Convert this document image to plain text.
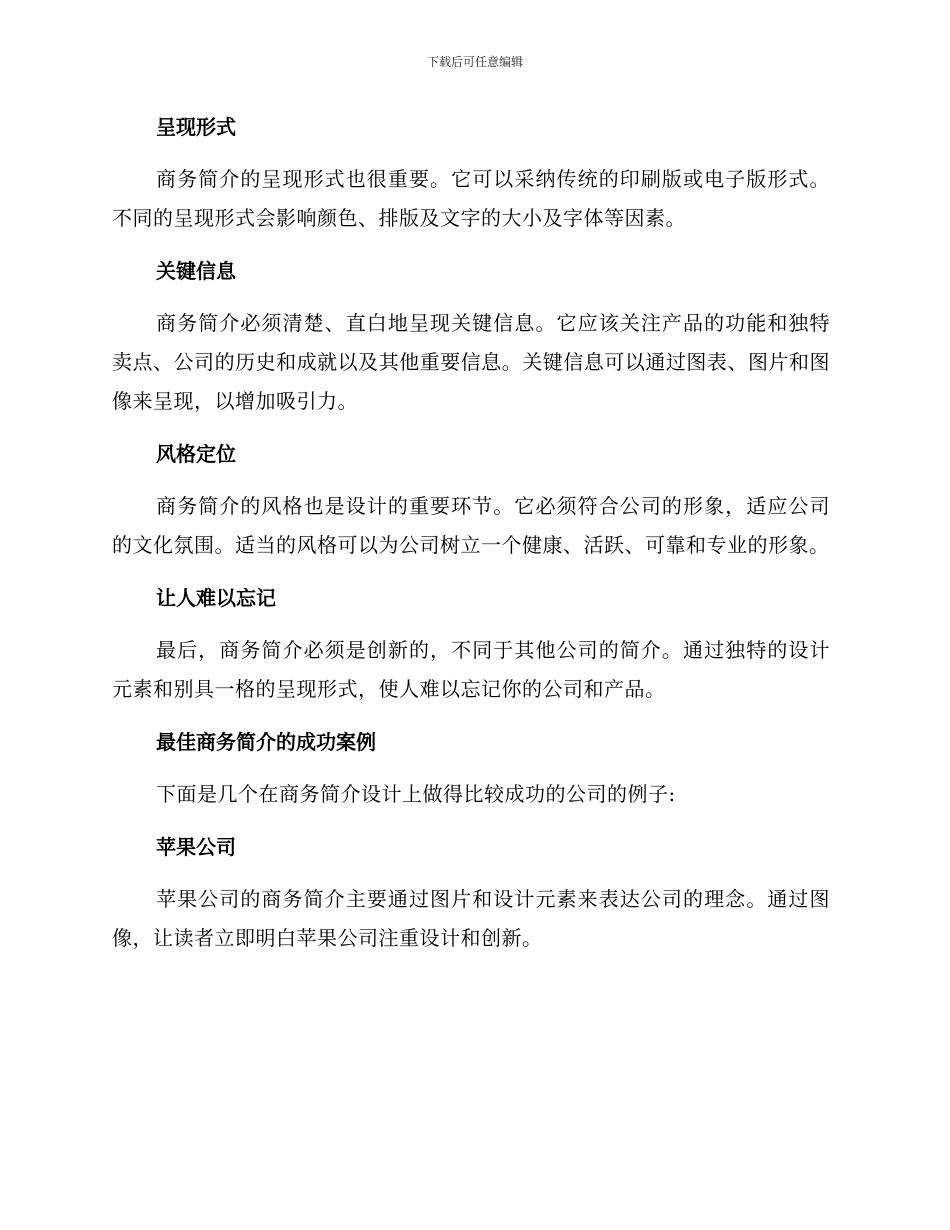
下载后可任意编辑
呈现形式

商务简介的呈现形式也很重要。它可以采纳传统的印刷版或电子版形式。不同的呈现形式会影响颜色、排版及文字的大小及字体等因素。

关键信息

商务简介必须清楚、直白地呈现关键信息。它应该关注产品的功能和独特卖点、公司的历史和成就以及其他重要信息。关键信息可以通过图表、图片和图像来呈现，以增加吸引力。

风格定位

商务简介的风格也是设计的重要环节。它必须符合公司的形象，适应公司的文化氛围。适当的风格可以为公司树立一个健康、活跃、可靠和专业的形象。

让人难以忘记

最后，商务简介必须是创新的，不同于其他公司的简介。通过独特的设计元素和别具一格的呈现形式，使人难以忘记你的公司和产品。

最佳商务简介的成功案例

下面是几个在商务简介设计上做得比较成功的公司的例子:

苹果公司

苹果公司的商务简介主要通过图片和设计元素来表达公司的理念。通过图像，让读者立即明白苹果公司注重设计和创新。
